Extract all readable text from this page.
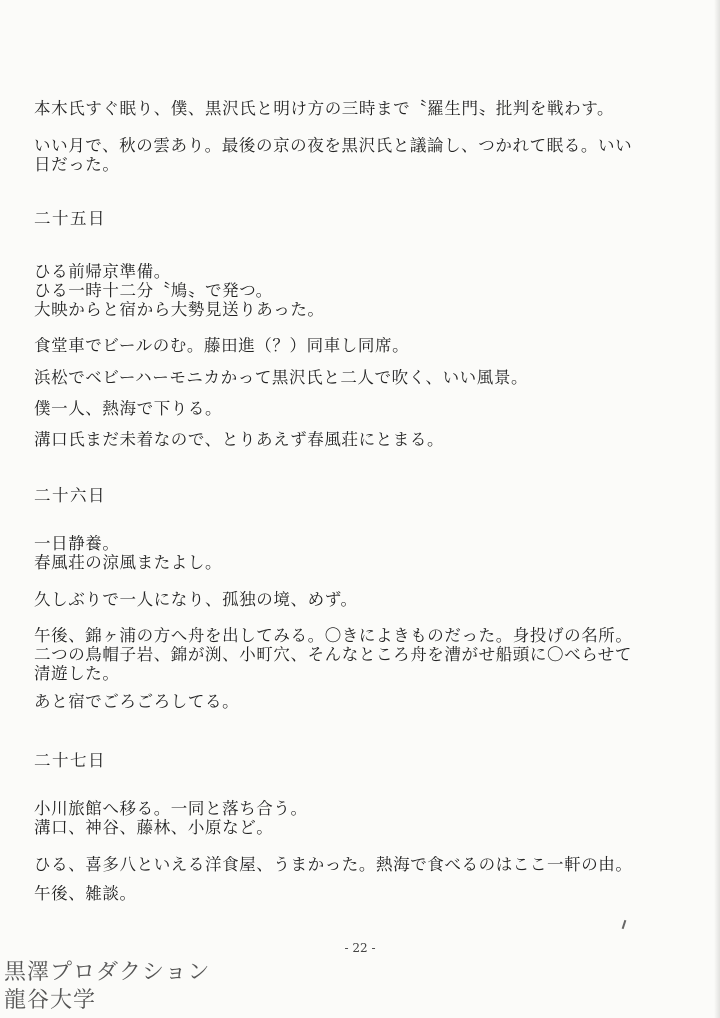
本木氏すぐ眠り、僕、黒沢氏と明け方の三時まで〝羅生門〟批判を戦わす。
いい月で、秋の雲あり。最後の京の夜を黒沢氏と議論し、つかれて眠る。いい
日だった。
二十五日
ひる前帰京準備。
ひる一時十二分〝鳩〟で発つ。
大映からと宿から大勢見送りあった。
食堂車でビールのむ。藤田進（？）同車し同席。
浜松でベビーハーモニカかって黒沢氏と二人で吹く、いい風景。
僕一人、熱海で下りる。
溝口氏まだ未着なので、とりあえず春風荘にとまる。
二十六日
一日静養。
春風荘の涼風またよし。
久しぶりで一人になり、孤独の境、めず。
午後、錦ヶ浦の方へ舟を出してみる。〇きによきものだった。身投げの名所。
二つの鳥帽子岩、錦が渕、小町穴、そんなところ舟を漕がせ船頭に〇べらせて
清遊した。
あと宿でごろごろしてる。
二十七日
小川旅館へ移る。一同と落ち合う。
溝口、神谷、藤林、小原など。
ひる、喜多八といえる洋食屋、うまかった。熱海で食べるのはここ一軒の由。
午後、雑談。
- 22 -
黒澤プロダクション
龍谷大学
